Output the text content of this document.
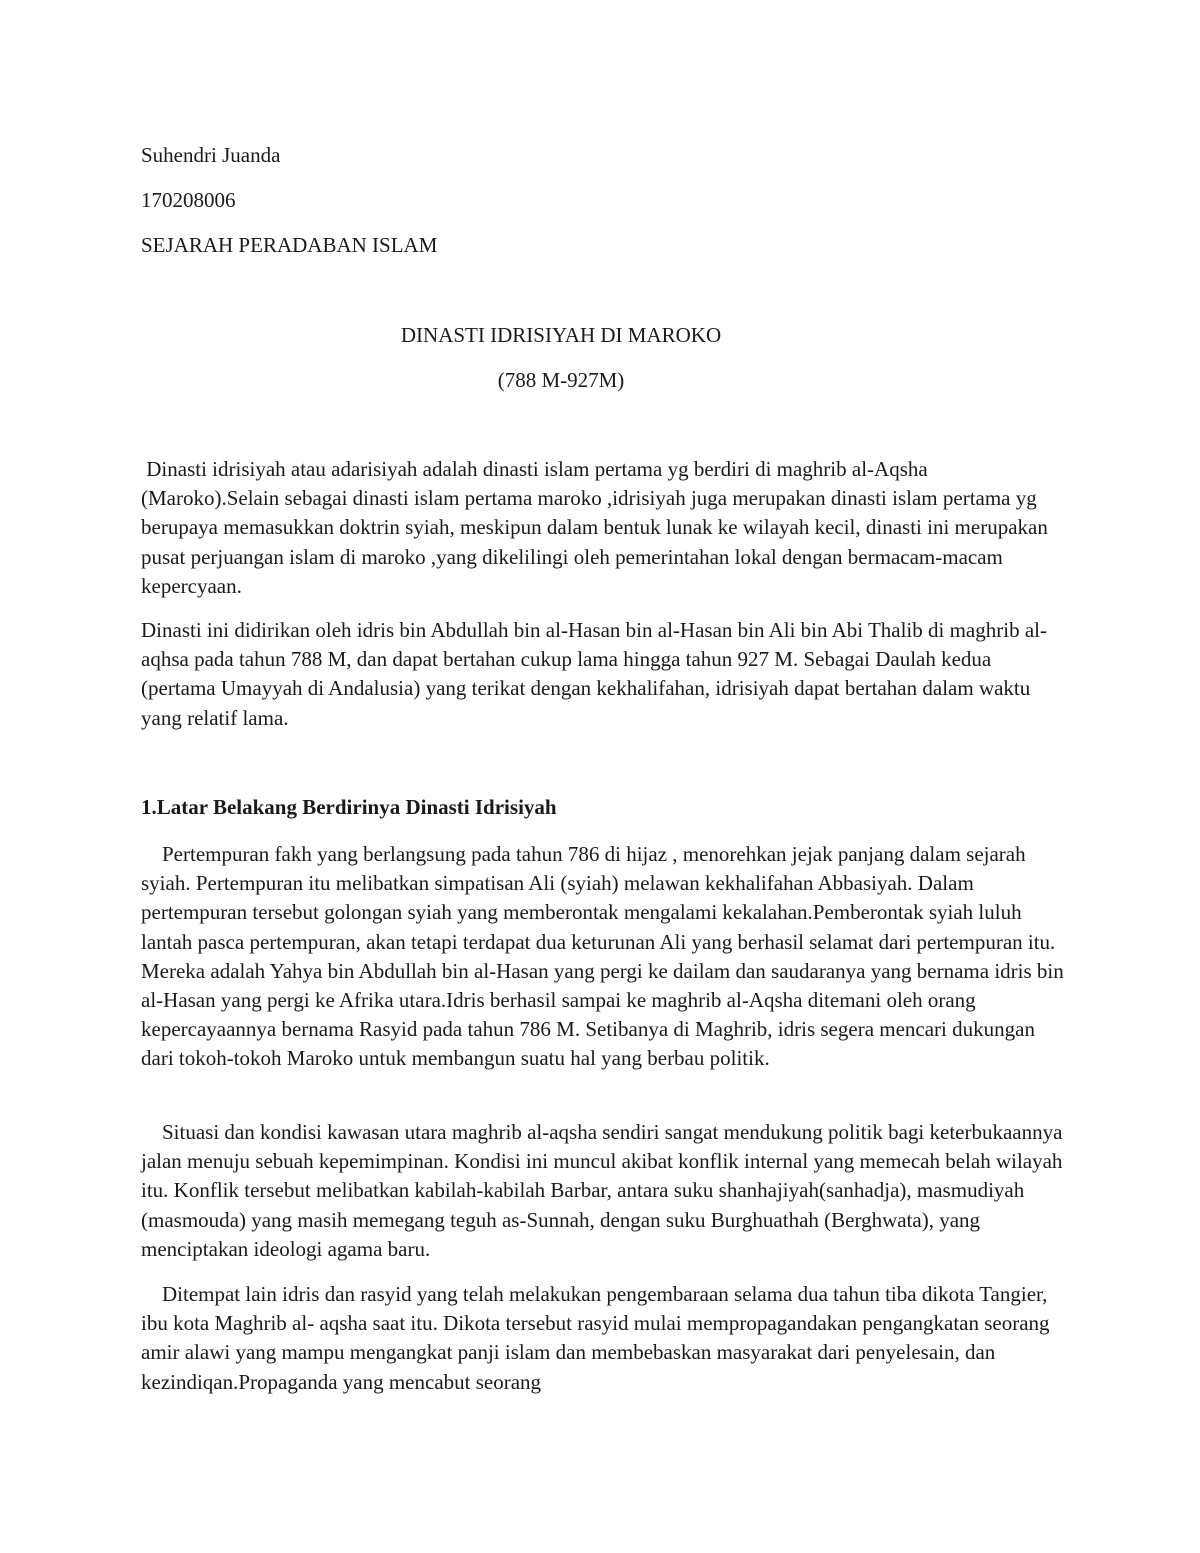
Suhendri Juanda
170208006
SEJARAH PERADABAN ISLAM
DINASTI IDRISIYAH DI MAROKO
(788 M-927M)

Dinasti idrisiyah atau adarisiyah adalah dinasti islam pertama yg berdiri di maghrib al-Aqsha (Maroko).Selain sebagai dinasti islam pertama maroko ,idrisiyah juga merupakan dinasti islam pertama yg berupaya memasukkan doktrin syiah, meskipun dalam bentuk lunak ke wilayah kecil, dinasti ini merupakan pusat perjuangan islam di maroko ,yang dikelilingi oleh pemerintahan lokal dengan bermacam-macam kepercyaan.

Dinasti ini didirikan oleh idris bin Abdullah bin al-Hasan bin al-Hasan bin Ali bin Abi Thalib di maghrib al-aqhsa pada tahun 788 M, dan dapat bertahan cukup lama hingga tahun 927 M. Sebagai Daulah kedua (pertama Umayyah di Andalusia) yang terikat dengan kekhalifahan, idrisiyah dapat bertahan dalam waktu yang relatif lama.

1.Latar Belakang Berdirinya Dinasti Idrisiyah

Pertempuran fakh yang berlangsung pada tahun 786 di hijaz , menorehkan jejak panjang dalam sejarah syiah. Pertempuran itu melibatkan simpatisan Ali (syiah) melawan kekhalifahan Abbasiyah. Dalam pertempuran tersebut golongan syiah yang memberontak mengalami kekalahan.Pemberontak syiah luluh lantah pasca pertempuran, akan tetapi terdapat dua keturunan Ali yang berhasil selamat dari pertempuran itu. Mereka adalah Yahya bin Abdullah bin al-Hasan yang pergi ke dailam dan saudaranya yang bernama idris bin al-Hasan yang pergi ke Afrika utara.Idris berhasil sampai ke maghrib al-Aqsha ditemani oleh orang kepercayaannya bernama Rasyid pada tahun 786 M. Setibanya di Maghrib, idris segera mencari dukungan dari tokoh-tokoh Maroko untuk membangun suatu hal yang berbau politik.

Situasi dan kondisi kawasan utara maghrib al-aqsha sendiri sangat mendukung politik bagi keterbukaannya jalan menuju sebuah kepemimpinan. Kondisi ini muncul akibat konflik internal yang memecah belah wilayah itu. Konflik tersebut melibatkan kabilah-kabilah Barbar, antara suku shanhajiyah(sanhadja), masmudiyah (masmouda) yang masih memegang teguh as-Sunnah, dengan suku Burghuathah (Berghwata), yang menciptakan ideologi agama baru.

Ditempat lain idris dan rasyid yang telah melakukan pengembaraan selama dua tahun tiba dikota Tangier, ibu kota Maghrib al- aqsha saat itu. Dikota tersebut rasyid mulai mempropagandakan pengangkatan seorang amir alawi yang mampu mengangkat panji islam dan membebaskan masyarakat dari penyelesain, dan kezindiqan.Propaganda yang mencabut seorang
